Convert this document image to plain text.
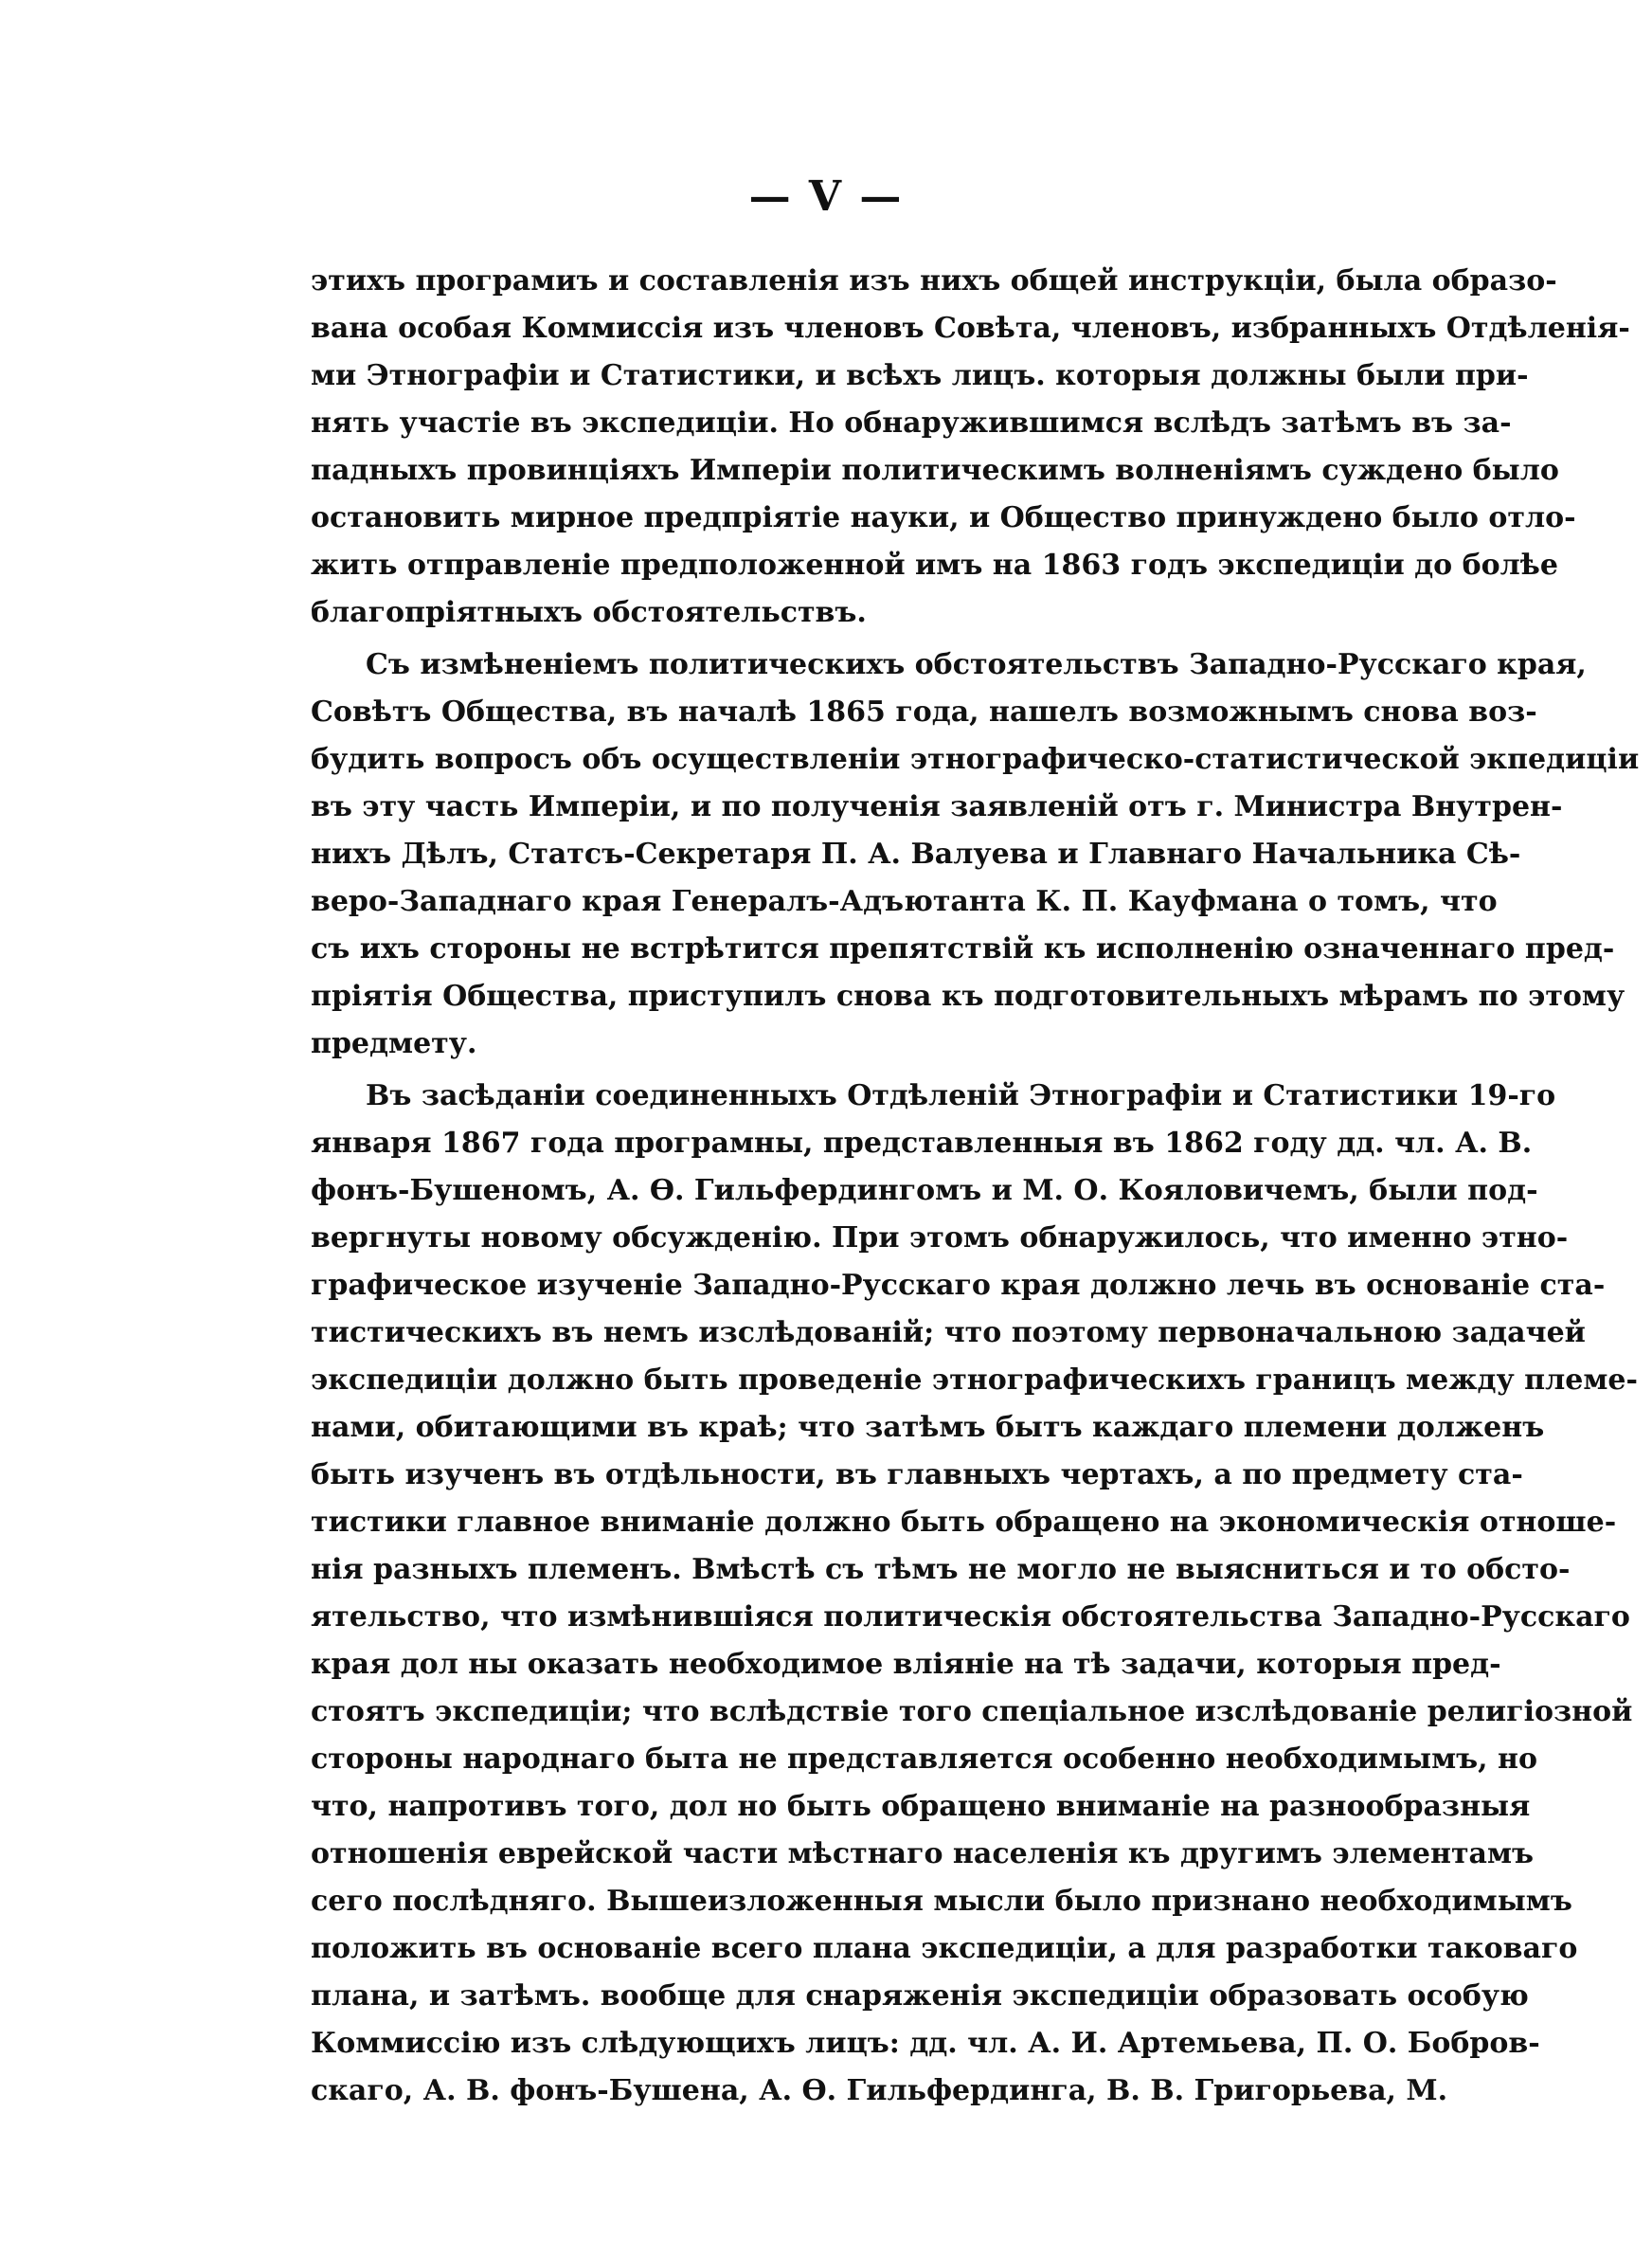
— V —
этихъ програмиъ и составленія изъ нихъ общей инструкціи, была образо-
вана особая Коммиссія изъ членовъ Совѣта, членовъ, избранныхъ Отдѣленія-
ми Этнографіи и Статистики, и всѣхъ лицъ. которыя должны были при-
нять участіе въ экспедиціи. Но обнаружившимся вслѣдъ затѣмъ въ за-
падныхъ провинціяхъ Имперіи политическимъ волненіямъ суждено было
остановить мирное предпріятіе науки, и Общество принуждено было отло-
жить отправленіе предположенной имъ на 1863 годъ экспедиціи до болѣе
благопріятныхъ обстоятельствъ.
Съ измѣненіемъ политическихъ обстоятельствъ Западно-Русскаго края,
Совѣтъ Общества, въ началѣ 1865 года, нашелъ возможнымъ снова воз-
будить вопросъ объ осуществленіи этнографическо-статистической экпедиціи
въ эту часть Имперіи, и по полученія заявленій отъ г. Министра Внутрен-
нихъ Дѣлъ, Статсъ-Секретаря П. А. Валуева и Главнаго Начальника Сѣ-
веро-Западнаго края Генералъ-Адъютанта К. П. Кауфмана о томъ, что
съ ихъ стороны не встрѣтится препятствій къ исполненію означеннаго пред-
пріятія Общества, приступилъ снова къ подготовительныхъ мѣрамъ по этому
предмету.
Въ засѣданіи соединенныхъ Отдѣленій Этнографіи и Статистики 19-го
января 1867 года програмны, представленныя въ 1862 году дд. чл. А. В.
фонъ-Бушеномъ, А. Ѳ. Гильфердингомъ и М. О. Кояловичемъ, были под-
вергнуты новому обсужденію. При этомъ обнаружилось, что именно этно-
графическое изученіе Западно-Русскаго края должно лечь въ основаніе ста-
тистическихъ въ немъ изслѣдованій; что поэтому первоначальною задачей
экспедиціи должно быть проведеніе этнографическихъ границъ между племе-
нами, обитающими въ краѣ; что затѣмъ бытъ каждаго племени долженъ
быть изученъ въ отдѣльности, въ главныхъ чертахъ, а по предмету ста-
тистики главное вниманіе должно быть обращено на экономическія отноше-
нія разныхъ племенъ. Вмѣстѣ съ тѣмъ не могло не выясниться и то обсто-
ятельство, что измѣнившіяся политическія обстоятельства Западно-Русскаго
края дол ны оказать необходимое вліяніе на тѣ задачи, которыя пред-
стоятъ экспедиціи; что вслѣдствіе того спеціальное изслѣдованіе религіозной
стороны народнаго быта не представляется особенно необходимымъ, но
что, напротивъ того, дол но быть обращено вниманіе на разнообразныя
отношенія еврейской части мѣстнаго населенія къ другимъ элементамъ
сего послѣдняго. Вышеизложенныя мысли было признано необходимымъ
положить въ основаніе всего плана экспедиціи, а для разработки таковаго
плана, и затѣмъ. вообще для снаряженія экспедиціи образовать особую
Коммиссію изъ слѣдующихъ лицъ: дд. чл. А. И. Артемьева, П. О. Бобров-
скаго, А. В. фонъ-Бушена, А. Ѳ. Гильфердинга, В. В. Григорьева, М.
